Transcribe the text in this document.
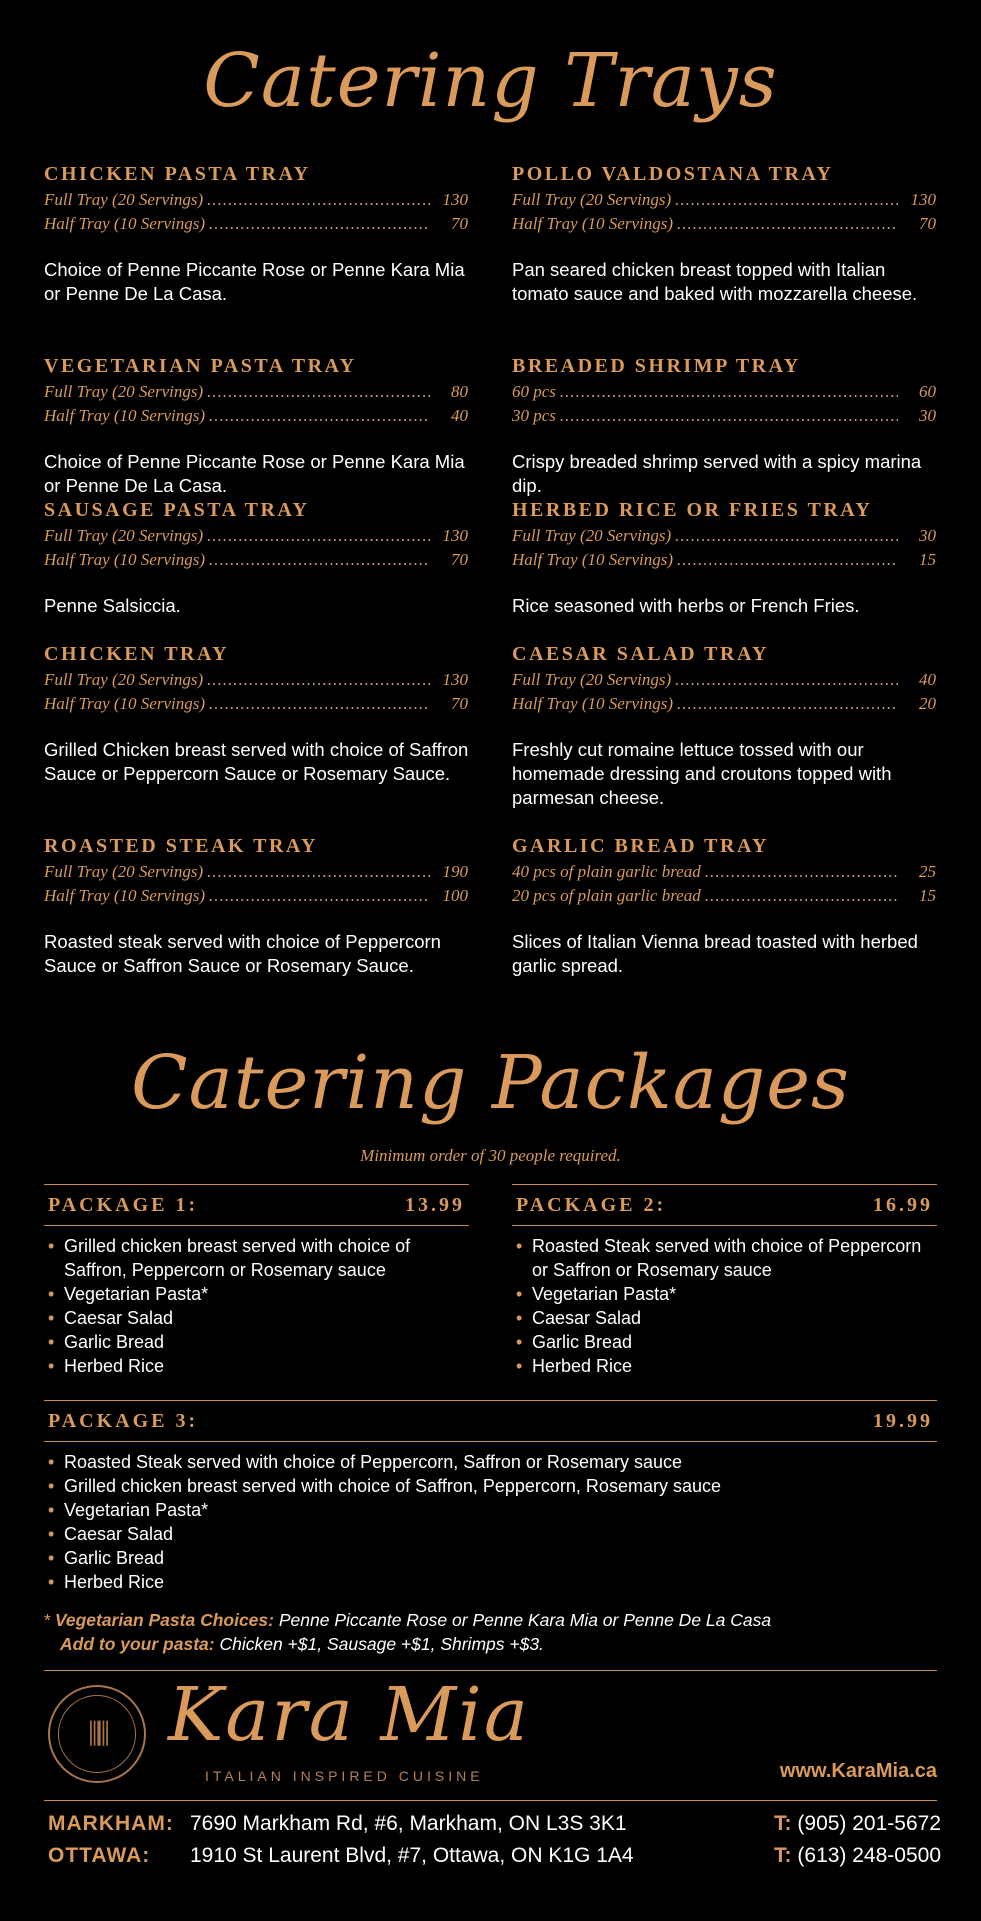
Catering Trays
CHICKEN PASTA TRAY
Full Tray (20 Servings) .....	130
Half Tray (10 Servings) .....	70
Choice of Penne Piccante Rose or Penne Kara Mia or Penne De La Casa.
VEGETARIAN PASTA TRAY
Full Tray (20 Servings) .....	80
Half Tray (10 Servings) .....	40
Choice of Penne Piccante Rose or Penne Kara Mia or Penne De La Casa.
SAUSAGE PASTA TRAY
Full Tray (20 Servings) .....	130
Half Tray (10 Servings) .....	70
Penne Salsiccia.
CHICKEN TRAY
Full Tray (20 Servings) .....	130
Half Tray (10 Servings) .....	70
Grilled Chicken breast served with choice of Saffron Sauce or Peppercorn Sauce or Rosemary Sauce.
ROASTED STEAK TRAY
Full Tray (20 Servings) .....	190
Half Tray (10 Servings) .....	100
Roasted steak served with choice of Peppercorn Sauce or Saffron Sauce or Rosemary Sauce.
POLLO VALDOSTANA TRAY
Full Tray (20 Servings) .....	130
Half Tray (10 Servings) .....	70
Pan seared chicken breast topped with Italian tomato sauce and baked with mozzarella cheese.
BREADED SHRIMP TRAY
60 pcs .....	60
30 pcs .....	30
Crispy breaded shrimp served with a spicy marina dip.
HERBED RICE OR FRIES TRAY
Full Tray (20 Servings) .....	30
Half Tray (10 Servings) .....	15
Rice seasoned with herbs or French Fries.
CAESAR SALAD TRAY
Full Tray (20 Servings) .....	40
Half Tray (10 Servings) .....	20
Freshly cut romaine lettuce tossed with our homemade dressing and croutons topped with parmesan cheese.
GARLIC BREAD TRAY
40 pcs of plain garlic bread .....	25
20 pcs of plain garlic bread .....	15
Slices of Italian Vienna bread toasted with herbed garlic spread.
Catering Packages
Minimum order of 30 people required.
PACKAGE 1:	13.99
• Grilled chicken breast served with choice of Saffron, Peppercorn or Rosemary sauce
• Vegetarian Pasta*
• Caesar Salad
• Garlic Bread
• Herbed Rice
PACKAGE 2:	16.99
• Roasted Steak served with choice of Peppercorn or Saffron or Rosemary sauce
• Vegetarian Pasta*
• Caesar Salad
• Garlic Bread
• Herbed Rice
PACKAGE 3:	19.99
• Roasted Steak served with choice of Peppercorn, Saffron or Rosemary sauce
• Grilled chicken breast served with choice of Saffron, Peppercorn, Rosemary sauce
• Vegetarian Pasta*
• Caesar Salad
• Garlic Bread
• Herbed Rice
* Vegetarian Pasta Choices: Penne Piccante Rose or Penne Kara Mia or Penne De La Casa
Add to your pasta: Chicken +$1, Sausage +$1, Shrimps +$3.
⫼⫼ Kara Mia
ITALIAN INSPIRED CUISINE	www.KaraMia.ca
MARKHAM: 7690 Markham Rd, #6, Markham, ON L3S 3K1	T: (905) 201-5672
OTTAWA:	1910 St Laurent Blvd, #7, Ottawa, ON K1G 1A4	T: (613) 248-0500
